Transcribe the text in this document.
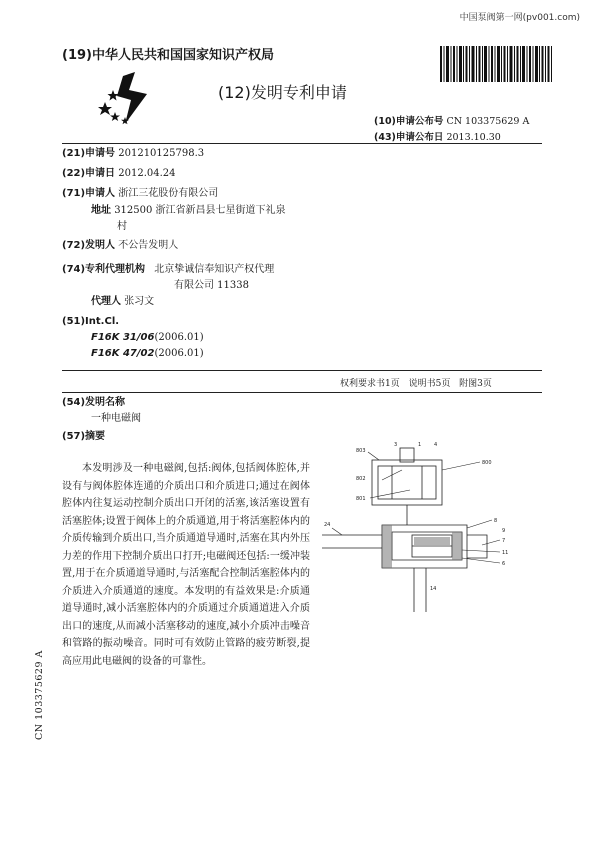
中国泵阀第一网(pv001.com)
(19)中华人民共和国国家知识产权局
(12)发明专利申请
(10)申请公布号 CN 103375629 A
(43)申请公布日 2013.10.30
(21)申请号 201210125798.3
(22)申请日 2012.04.24
(71)申请人 浙江三花股份有限公司
地址 312500 浙江省新昌县七星街道下礼泉
村
(72)发明人 不公告发明人
(74)专利代理机构 北京挚诚信奉知识产权代理
有限公司 11338
代理人 张习文
(51)Int.Cl.
F16K 31/06(2006.01)
F16K 47/02(2006.01)
权利要求书1页 说明书5页 附图3页
(54)发明名称
一种电磁阀
(57)摘要
本发明涉及一种电磁阀,包括:阀体,包括阀体腔体,并设有与阀体腔体连通的介质出口和介质进口;通过在阀体腔体内往复运动控制介质出口开闭的活塞,该活塞设置有活塞腔体;设置于阀体上的介质通道,用于将活塞腔体内的介质传输到介质出口,当介质通道导通时,活塞在其内外压力差的作用下控制介质出口打开;电磁阀还包括:一缓冲装置,用于在介质通道导通时,与活塞配合控制活塞腔体内的介质进入介质通道的速度。本发明的有益效果是:介质通道导通时,减小活塞腔体内的介质通过介质通道进入介质出口的速度,从而减小活塞移动的速度,减小介质冲击噪音和管路的振动噪音。同时可有效防止管路的疲劳断裂,提高应用此电磁阀的设备的可靠性。
1	4
3
803
802
801
800
8
9
7
11
6
24
14
CN 103375629 A
